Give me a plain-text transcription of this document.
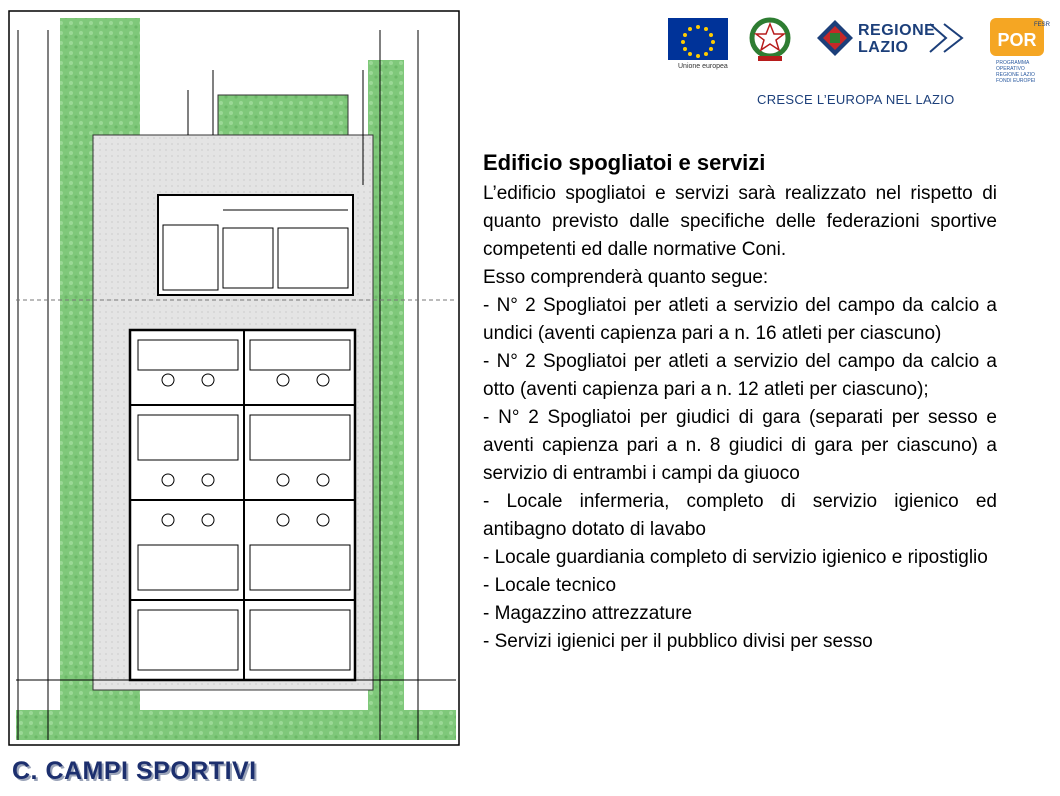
Unione europea
REGIONE
LAZIO	POR
FESR
PROGRAMMA
OPERATIVO
REGIONE LAZIO
FONDI EUROPEI
CRESCE L’EUROPA NEL LAZIO
Edificio spogliatoi e servizi

L’edificio spogliatoi e servizi sarà realizzato nel rispetto di quanto previsto dalle specifiche delle federazioni sportive competenti ed dalle normative Coni.

Esso comprenderà quanto segue:

- N° 2 Spogliatoi per atleti a servizio del campo da calcio a undici (aventi capienza pari a n. 16 atleti per ciascuno)

- N° 2 Spogliatoi per atleti a servizio del campo da calcio a otto (aventi capienza pari a n. 12 atleti per ciascuno);

- N° 2 Spogliatoi per giudici di gara (separati per sesso e aventi capienza pari a n. 8 giudici di gara per ciascuno) a servizio di entrambi i campi da giuoco

- Locale infermeria, completo di servizio igienico ed antibagno dotato di lavabo

- Locale guardiania completo di servizio igienico e ripostiglio

- Locale tecnico

- Magazzino attrezzature

- Servizi igienici per il pubblico divisi per sesso

C. CAMPI SPORTIVI
